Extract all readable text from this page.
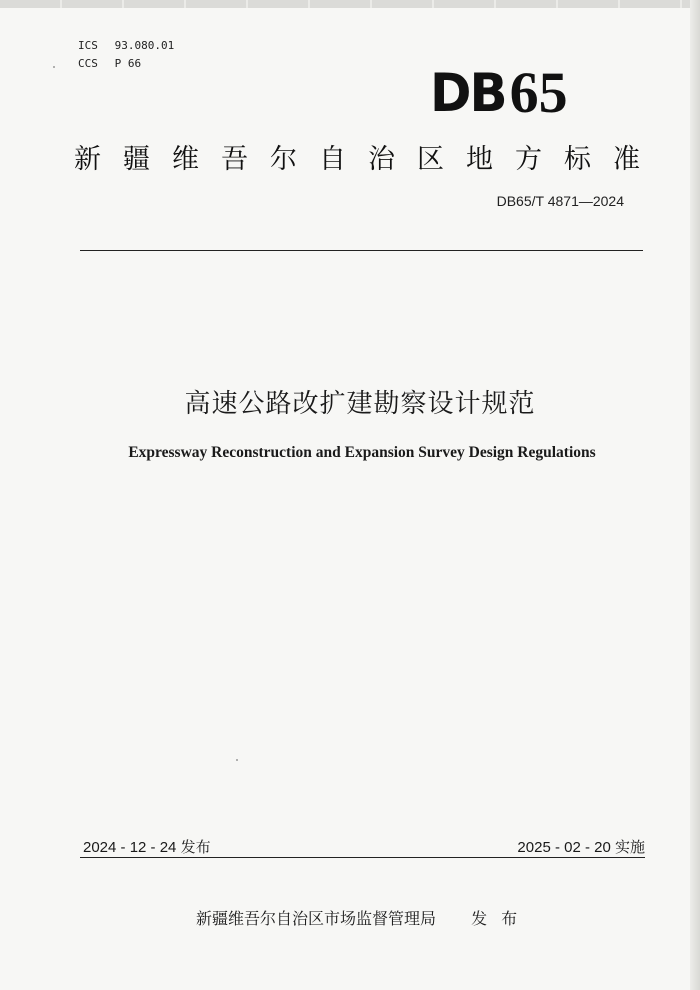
ICS 93.080.01
CCS P 66	DB 65
新 疆 维 吾 尔 自 治 区 地 方 标 准
DB65/T 4871—2024
高速公路改扩建勘察设计规范
Expressway Reconstruction and Expansion Survey Design Regulations
2024 - 12 - 24 发布	2025 - 02 - 20 实施
新疆维吾尔自治区市场监督管理局 发布
